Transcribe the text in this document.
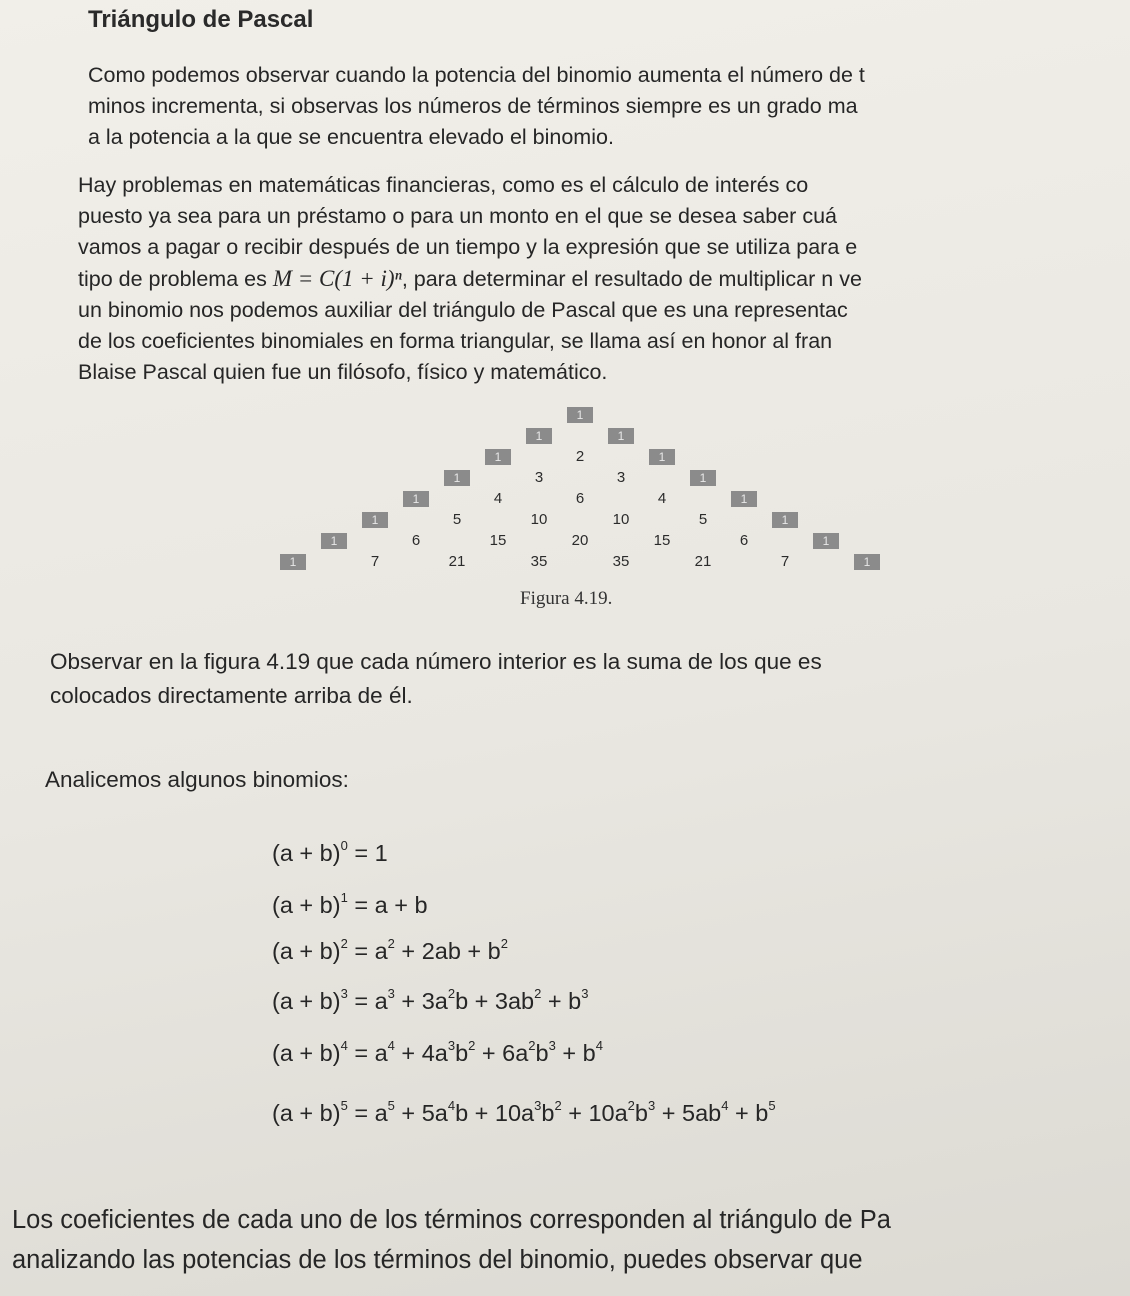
Triángulo de Pascal

Como podemos observar cuando la potencia del binomio aumenta el número de t
minos incrementa, si observas los números de términos siempre es un grado ma
a la potencia a la que se encuentra elevado el binomio.

Hay problemas en matemáticas financieras, como es el cálculo de interés co
puesto ya sea para un préstamo o para un monto en el que se desea saber cuá
vamos a pagar o recibir después de un tiempo y la expresión que se utiliza para e
tipo de problema es M = C(1 + i)ⁿ, para determinar el resultado de multiplicar n ve
un binomio nos podemos auxiliar del triángulo de Pascal que es una representac
de los coeficientes binomiales en forma triangular, se llama así en honor al fran
Blaise Pascal quien fue un filósofo, físico y matemático.

1
1	1
1	2	1
1	3	3	1
1	4	6	4	1
1	5	10	10	5	1
1	6	15	20	15	6	1
1	7	21	35	35	21	7	1

Figura 4.19.

Observar en la figura 4.19 que cada número interior es la suma de los que es
colocados directamente arriba de él.

Analicemos algunos binomios:

$(a + b)^0 = 1$
$(a + b)^1 = a + b$
$(a + b)^2 = a^2 + 2ab + b^2$
$(a + b)^3 = a^3 + 3a^2b + 3ab^2 + b^3$
$(a + b)^4 = a^4 + 4a^3b^2 + 6a^2b^3 + b^4$
$(a + b)^5 = a^5 + 5a^4b + 10a^3b^2 + 10a^2b^3 + 5ab^4 + b^5$

Los coeficientes de cada uno de los términos corresponden al triángulo de Pa
analizando las potencias de los términos del binomio, puedes observar que
